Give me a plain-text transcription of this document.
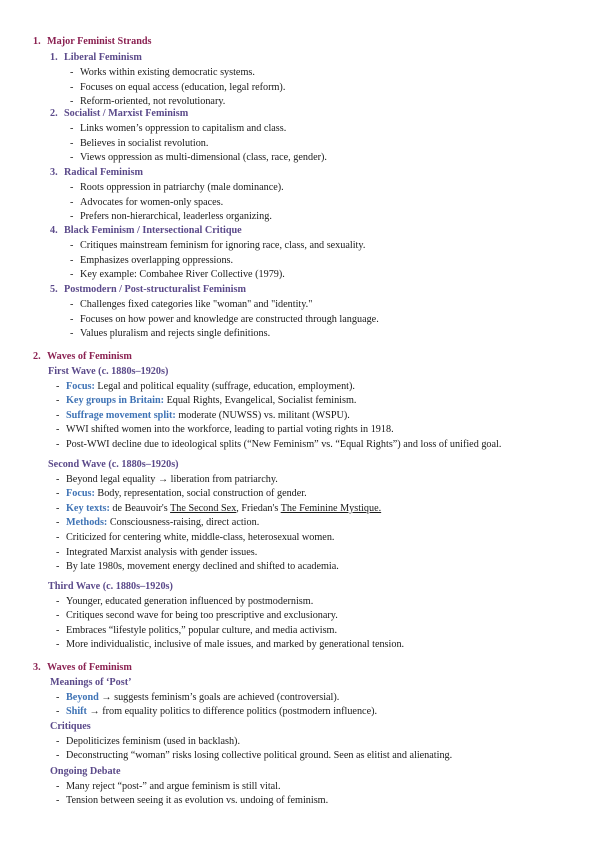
1. Major Feminist Strands
1. Liberal Feminism
- Works within existing democratic systems.
- Focuses on equal access (education, legal reform).
- Reform-oriented, not revolutionary.
2. Socialist / Marxist Feminism
- Links women’s oppression to capitalism and class.
- Believes in socialist revolution.
- Views oppression as multi-dimensional (class, race, gender).
3. Radical Feminism
- Roots oppression in patriarchy (male dominance).
- Advocates for women-only spaces.
- Prefers non-hierarchical, leaderless organizing.
4. Black Feminism / Intersectional Critique
- Critiques mainstream feminism for ignoring race, class, and sexuality.
- Emphasizes overlapping oppressions.
- Key example: Combahee River Collective (1979).
5. Postmodern / Post-structuralist Feminism
- Challenges fixed categories like "woman" and "identity."
- Focuses on how power and knowledge are constructed through language.
- Values pluralism and rejects single definitions.
2. Waves of Feminism
First Wave (c. 1880s–1920s)
- Focus: Legal and political equality (suffrage, education, employment).
- Key groups in Britain: Equal Rights, Evangelical, Socialist feminism.
- Suffrage movement split: moderate (NUWSS) vs. militant (WSPU).
- WWI shifted women into the workforce, leading to partial voting rights in 1918.
- Post-WWI decline due to ideological splits (“New Feminism” vs. “Equal Rights”) and loss of unified goal.
Second Wave (c. 1880s–1920s)
- Beyond legal equality → liberation from patriarchy.
- Focus: Body, representation, social construction of gender.
- Key texts: de Beauvoir's The Second Sex, Friedan's The Feminine Mystique.
- Methods: Consciousness-raising, direct action.
- Criticized for centering white, middle-class, heterosexual women.
- Integrated Marxist analysis with gender issues.
- By late 1980s, movement energy declined and shifted to academia.
Third Wave (c. 1880s–1920s)
- Younger, educated generation influenced by postmodernism.
- Critiques second wave for being too prescriptive and exclusionary.
- Embraces “lifestyle politics,” popular culture, and media activism.
- More individualistic, inclusive of male issues, and marked by generational tension.
3. Waves of Feminism
Meanings of ‘Post’
- Beyond → suggests feminism’s goals are achieved (controversial).
- Shift → from equality politics to difference politics (postmodern influence).
Critiques
- Depoliticizes feminism (used in backlash).
- Deconstructing “woman” risks losing collective political ground. Seen as elitist and alienating.
Ongoing Debate
- Many reject “post-” and argue feminism is still vital.
- Tension between seeing it as evolution vs. undoing of feminism.
